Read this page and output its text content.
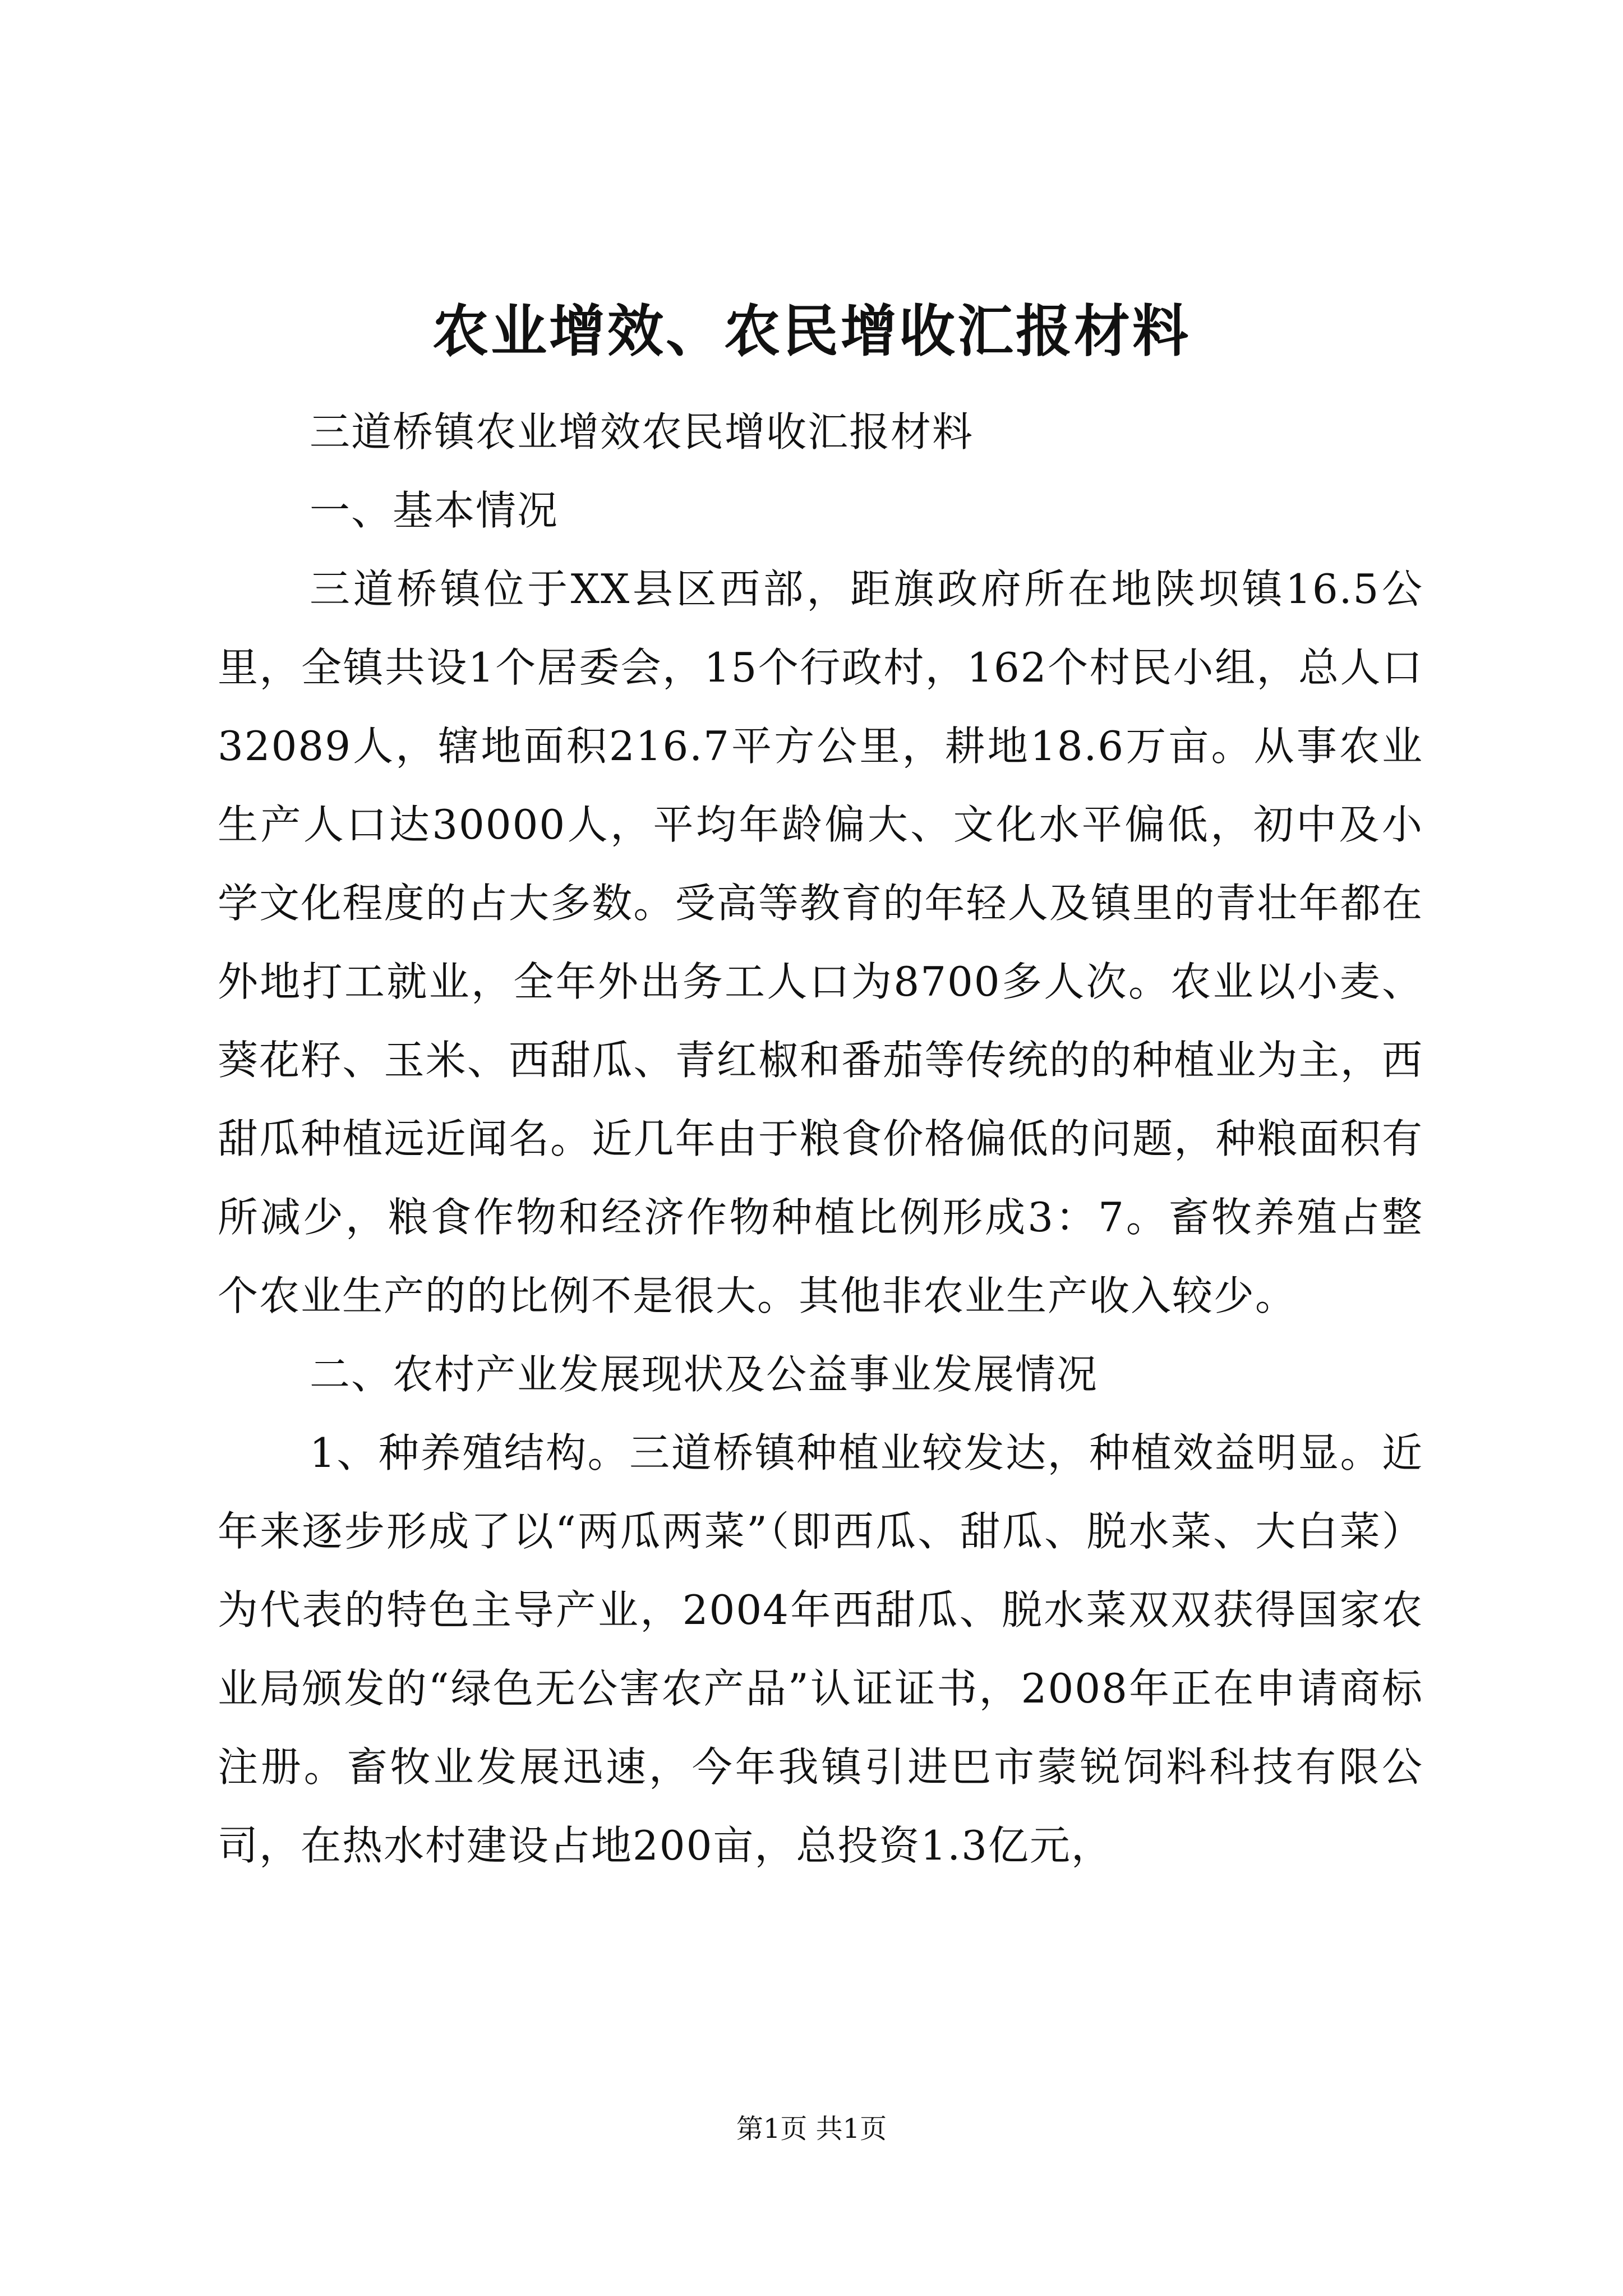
农业增效、农民增收汇报材料

三道桥镇农业增效农民增收汇报材料

一、基本情况

三道桥镇位于XX县区西部，距旗政府所在地陕坝镇16.5公里，全镇共设1个居委会，15个行政村，162个村民小组，总人口32089人，辖地面积216.7平方公里，耕地18.6万亩。从事农业生产人口达30000人，平均年龄偏大、文化水平偏低，初中及小学文化程度的占大多数。受高等教育的年轻人及镇里的青壮年都在外地打工就业，全年外出务工人口为8700多人次。农业以小麦、葵花籽、玉米、西甜瓜、青红椒和番茄等传统的的种植业为主，西甜瓜种植远近闻名。近几年由于粮食价格偏低的问题，种粮面积有所减少，粮食作物和经济作物种植比例形成3：7。畜牧养殖占整个农业生产的的比例不是很大。其他非农业生产收入较少。

二、农村产业发展现状及公益事业发展情况

1、种养殖结构。三道桥镇种植业较发达，种植效益明显。近年来逐步形成了以“两瓜两菜”（即西瓜、甜瓜、脱水菜、大白菜）为代表的特色主导产业，2004年西甜瓜、脱水菜双双获得国家农业局颁发的“绿色无公害农产品”认证证书，2008年正在申请商标注册。畜牧业发展迅速，今年我镇引进巴市蒙锐饲料科技有限公司，在热水村建设占地200亩，总投资1.3亿元，

第1页 共1页
